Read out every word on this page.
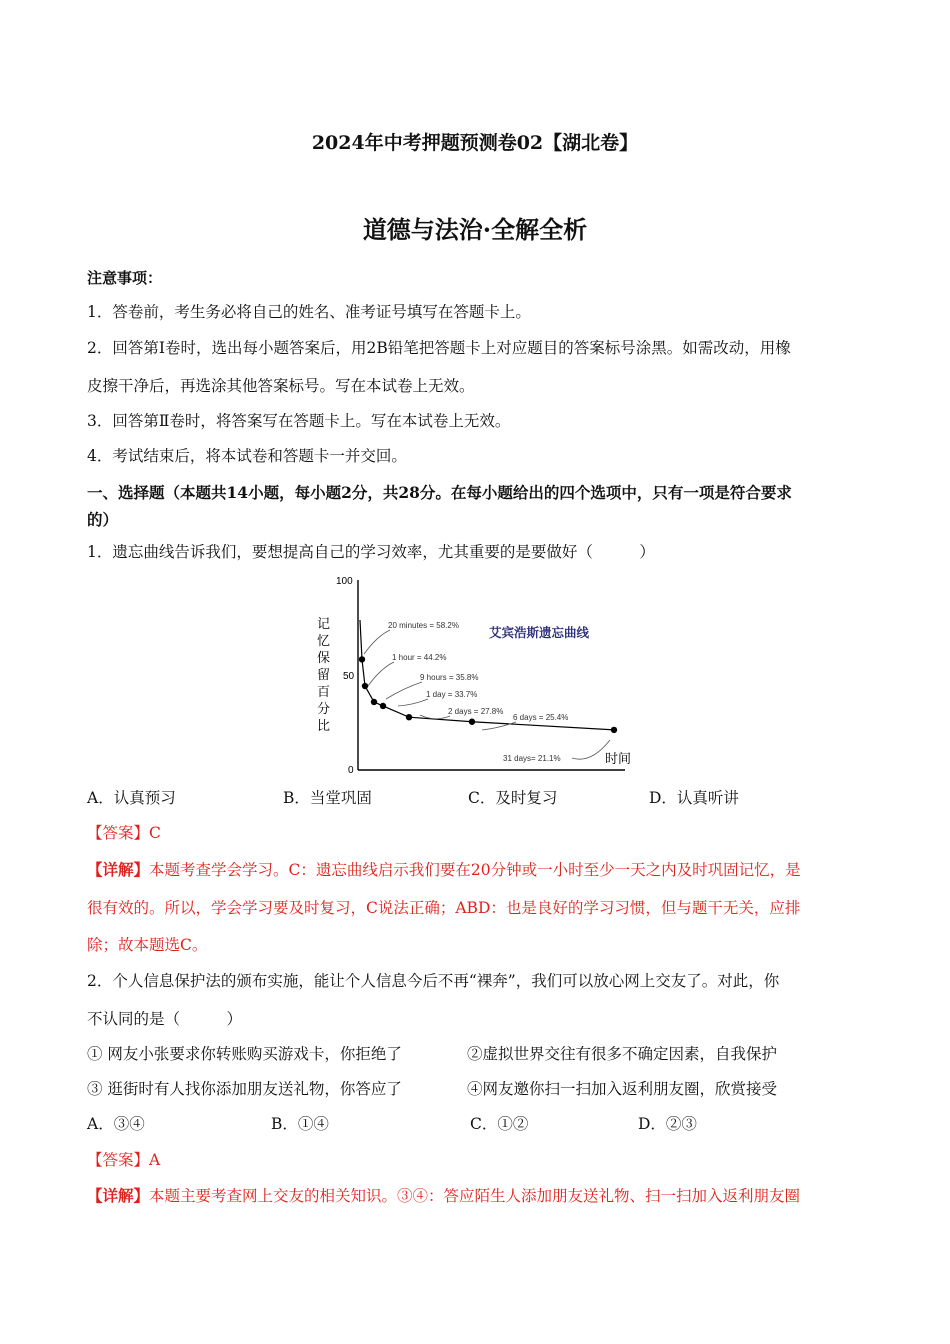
2024年中考押题预测卷02【湖北卷】
道德与法治·全解全析
注意事项：
1．答卷前，考生务必将自己的姓名、准考证号填写在答题卡上。
2．回答第Ⅰ卷时，选出每小题答案后，用2B铅笔把答题卡上对应题目的答案标号涂黑。如需改动，用橡
皮擦干净后，再选涂其他答案标号。写在本试卷上无效。
3．回答第Ⅱ卷时，将答案写在答题卡上。写在本试卷上无效。
4．考试结束后，将本试卷和答题卡一并交回。
一、选择题（本题共14小题，每小题2分，共28分。在每小题给出的四个选项中，只有一项是符合要求
的）
1．遗忘曲线告诉我们，要想提高自己的学习效率，尤其重要的是要做好（　　　）
100
50
0
记忆保留百分比
时间
艾宾浩斯遗忘曲线
20 minutes = 58.2%
1 hour = 44.2%
9 hours = 35.8%
1 day = 33.7%
2 days = 27.8%
6 days = 25.4%
31 days= 21.1%
A．认真预习	B．当堂巩固	C．及时复习	D．认真听讲
【答案】C
【详解】本题考查学会学习。C：遗忘曲线启示我们要在20分钟或一小时至少一天之内及时巩固记忆，是
很有效的。所以，学会学习要及时复习，C说法正确；ABD：也是良好的学习习惯，但与题干无关，应排
除；故本题选C。
2．个人信息保护法的颁布实施，能让个人信息今后不再“裸奔”，我们可以放心网上交友了。对此，你
不认同的是（　　　）
① 网友小张要求你转账购买游戏卡，你拒绝了	②虚拟世界交往有很多不确定因素，自我保护
③ 逛街时有人找你添加朋友送礼物，你答应了	④网友邀你扫一扫加入返利朋友圈，欣赏接受
A．③④	B．①④	C．①②	D．②③
【答案】A
【详解】本题主要考查网上交友的相关知识。③④：答应陌生人添加朋友送礼物、扫一扫加入返利朋友圈
